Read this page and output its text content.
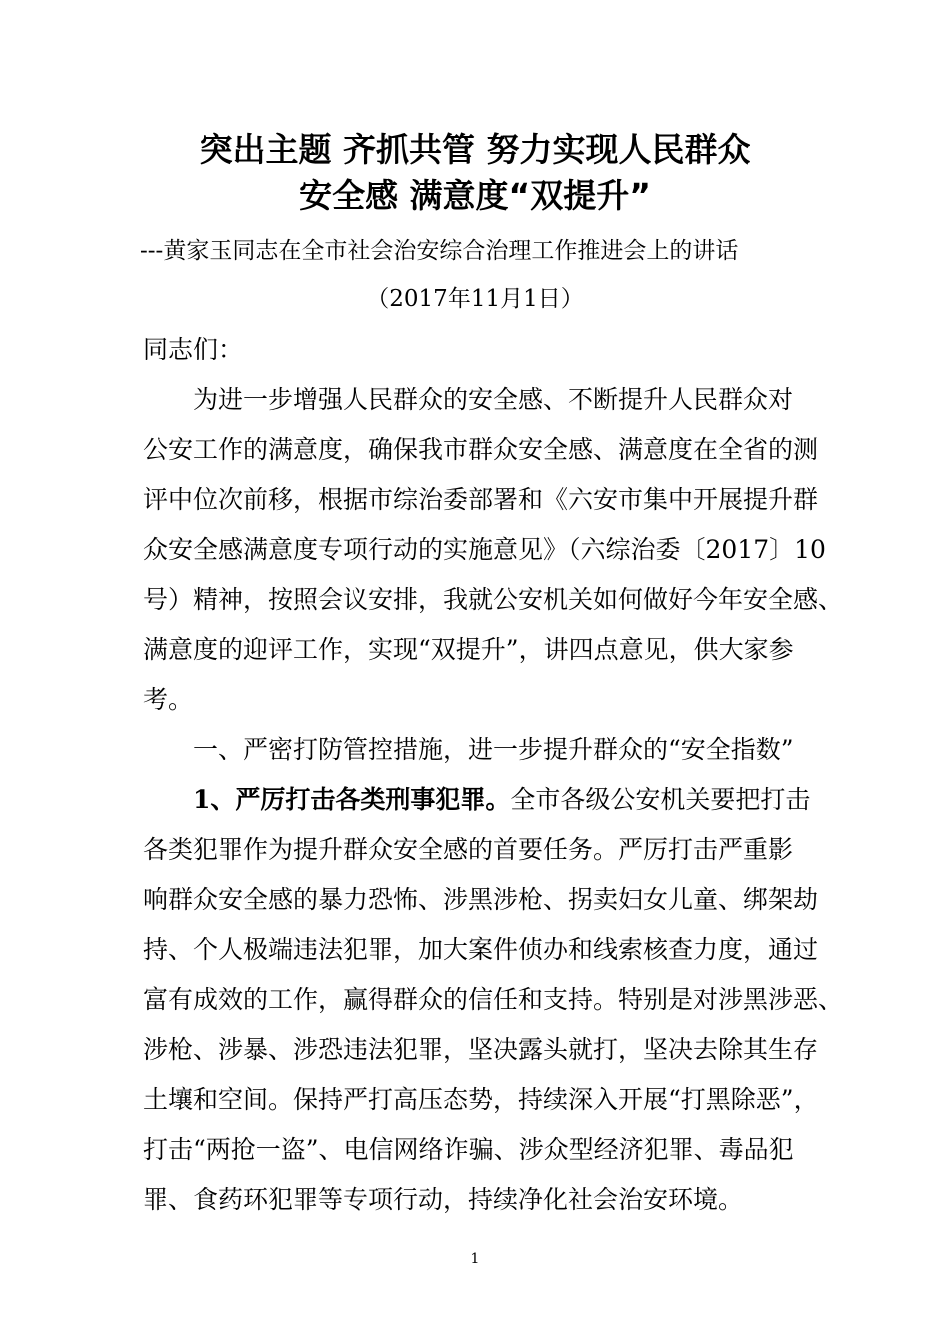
突出主题 齐抓共管 努力实现人民群众
安全感 满意度“双提升”
---黄家玉同志在全市社会治安综合治理工作推进会上的讲话
（2017年11月1日）
同志们：
为进一步增强人民群众的安全感、不断提升人民群众对
公安工作的满意度，确保我市群众安全感、满意度在全省的测
评中位次前移，根据市综治委部署和《六安市集中开展提升群
众安全感满意度专项行动的实施意见》（六综治委〔2017〕10
号）精神，按照会议安排，我就公安机关如何做好今年安全感、
满意度的迎评工作，实现“双提升”，讲四点意见，供大家参
考。
一、严密打防管控措施，进一步提升群众的“安全指数”
1、严厉打击各类刑事犯罪。全市各级公安机关要把打击
各类犯罪作为提升群众安全感的首要任务。严厉打击严重影
响群众安全感的暴力恐怖、涉黑涉枪、拐卖妇女儿童、绑架劫
持、个人极端违法犯罪，加大案件侦办和线索核查力度，通过
富有成效的工作，赢得群众的信任和支持。特别是对涉黑涉恶、
涉枪、涉暴、涉恐违法犯罪，坚决露头就打，坚决去除其生存
土壤和空间。保持严打高压态势，持续深入开展“打黑除恶”，
打击“两抢一盗”、电信网络诈骗、涉众型经济犯罪、毒品犯
罪、食药环犯罪等专项行动，持续净化社会治安环境。
1
